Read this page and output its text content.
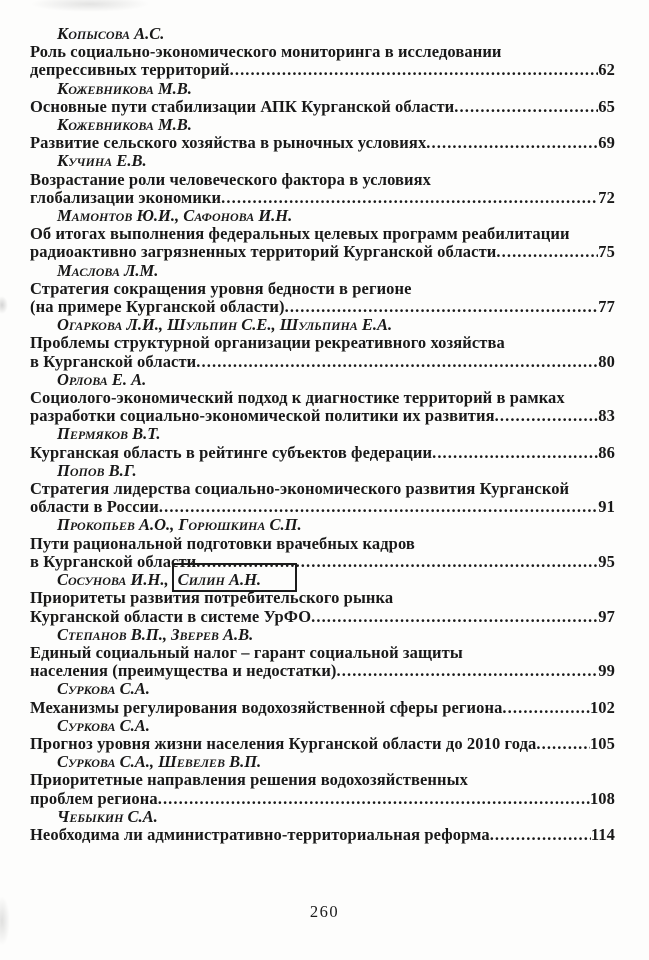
Копысова А.С.
Роль социально-экономического мониторинга в исследовании
депрессивных территорий .....	62
Кожевникова М.В.
Основные пути стабилизации АПК Курганской области .....	65
Кожевникова М.В.
Развитие сельского хозяйства в рыночных условиях .....	69
Кучина Е.В.
Возрастание роли человеческого фактора в условиях
глобализации экономики .....	72
Мамонтов Ю.И., Сафонова И.Н.
Об итогах выполнения федеральных целевых программ реабилитации
радиоактивно загрязненных территорий Курганской области .....	75
Маслова Л.М.
Стратегия сокращения уровня бедности в регионе
(на примере Курганской области) .....	77
Огаркова Л.И., Шульпин С.Е., Шульпина Е.А.
Проблемы структурной организации рекреативного хозяйства
в Курганской области .....	80
Орлова Е. А.
Социолого-экономический подход к диагностике территорий в рамках
разработки социально-экономической политики их развития .....	83
Пермяков В.Т.
Курганская область в рейтинге субъектов федерации .....	86
Попов В.Г.
Стратегия лидерства социально-экономического развития Курганской
области в России .....	91
Прокопьев А.О., Горюшкина С.П.
Пути рациональной подготовки врачебных кадров
в Курганской области .....	95
Сосунова И.Н., Силин А.Н.
Приоритеты развития потребительского рынка
Курганской области в системе УрФО .....	97
Степанов В.П., Зверев А.В.
Единый социальный налог – гарант социальной защиты
населения (преимущества и недостатки) .....	99
Суркова С.А.
Механизмы регулирования водохозяйственной сферы региона .....	102
Суркова С.А.
Прогноз уровня жизни населения Курганской области до 2010 года .....	105
Суркова С.А., Шевелев В.П.
Приоритетные направления решения водохозяйственных
проблем региона .....	108
Чебыкин С.А.
Необходима ли административно-территориальная реформа .....	114
260
